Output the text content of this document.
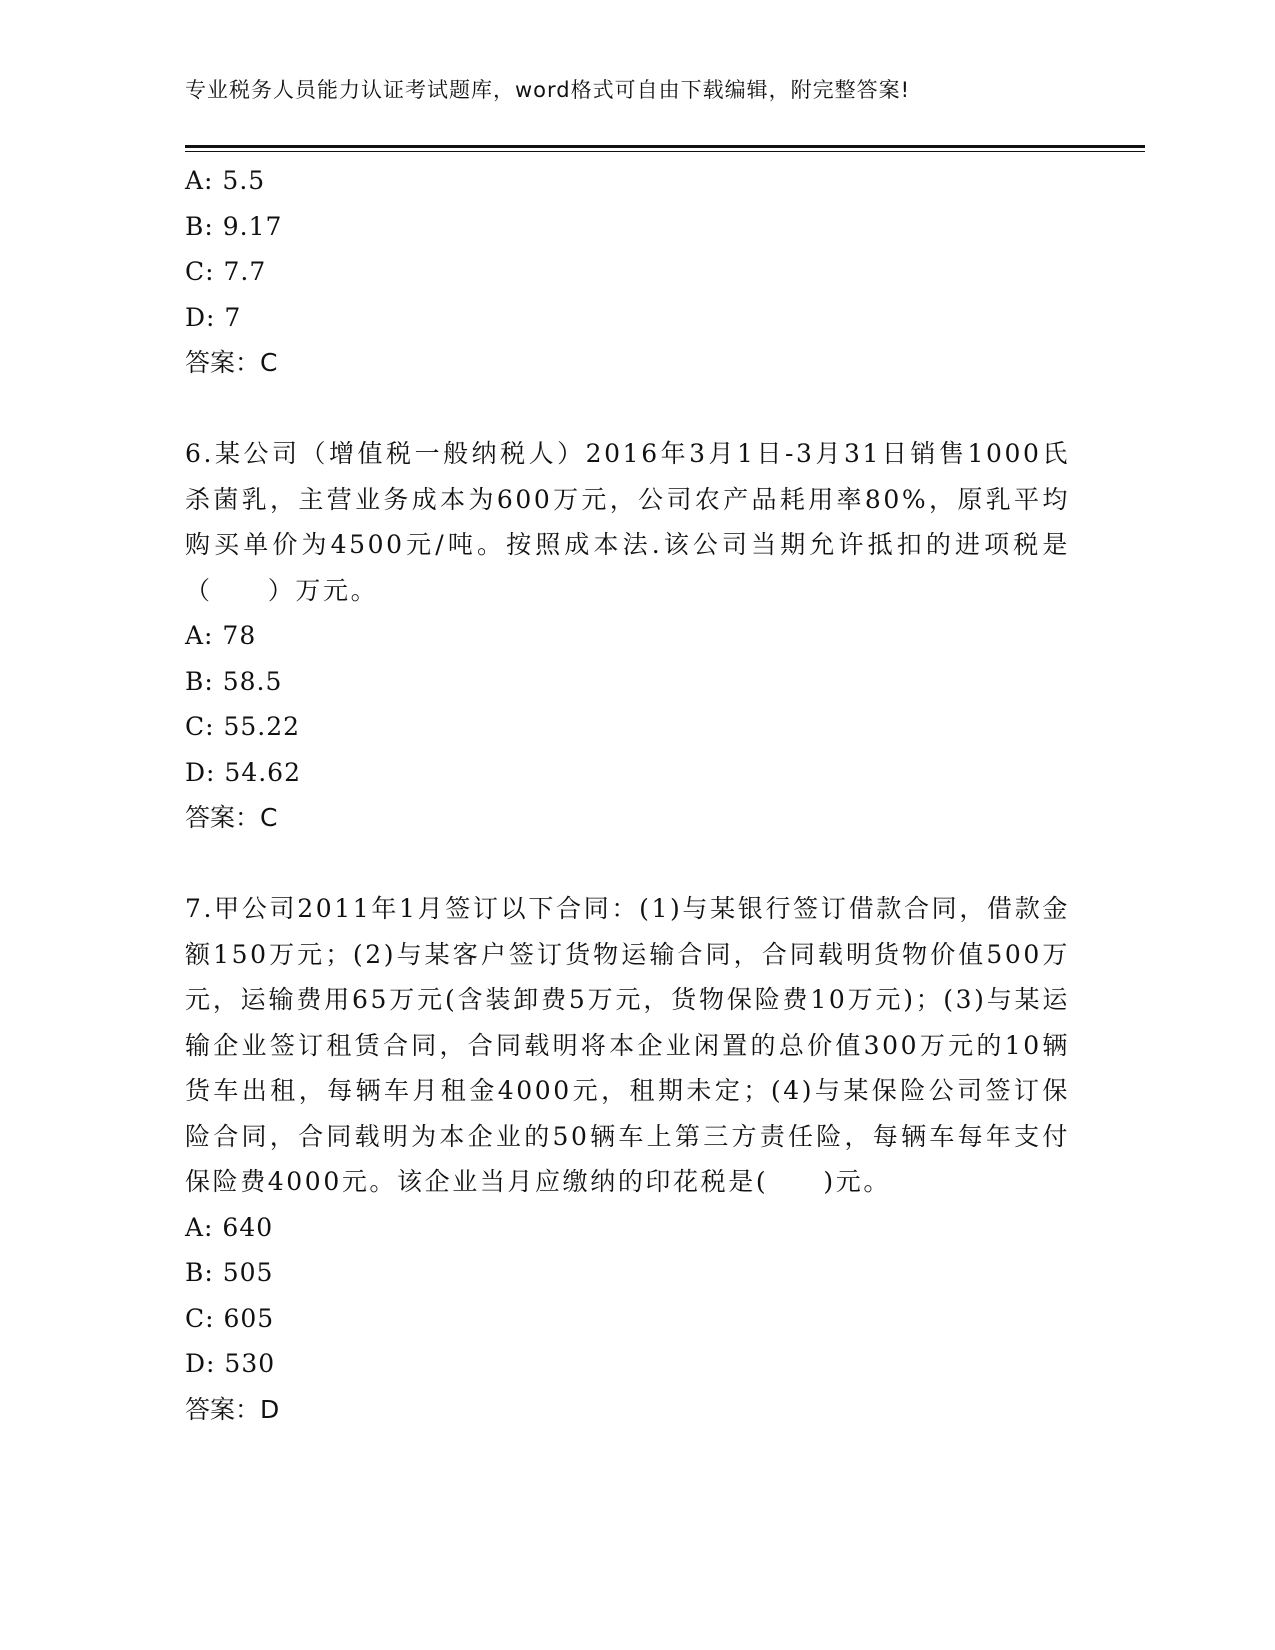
专业税务人员能力认证考试题库，word格式可自由下载编辑，附完整答案!
A: 5.5
B: 9.17
C: 7.7
D: 7
答案：C
6.某公司（增值税一般纳税人）2016年3月1日-3月31日销售1000氏杀菌乳，主营业务成本为600万元，公司农产品耗用率80%，原乳平均购买单价为4500元/吨。按照成本法.该公司当期允许抵扣的进项税是（　　）万元。
A: 78
B: 58.5
C: 55.22
D: 54.62
答案：C
7.甲公司2011年1月签订以下合同：(1)与某银行签订借款合同，借款金额150万元；(2)与某客户签订货物运输合同，合同载明货物价值500万元，运输费用65万元(含装卸费5万元，货物保险费10万元)；(3)与某运输企业签订租赁合同，合同载明将本企业闲置的总价值300万元的10辆货车出租，每辆车月租金4000元，租期未定；(4)与某保险公司签订保险合同，合同载明为本企业的50辆车上第三方责任险，每辆车每年支付保险费4000元。该企业当月应缴纳的印花税是(　　)元。
A: 640
B: 505
C: 605
D: 530
答案：D
